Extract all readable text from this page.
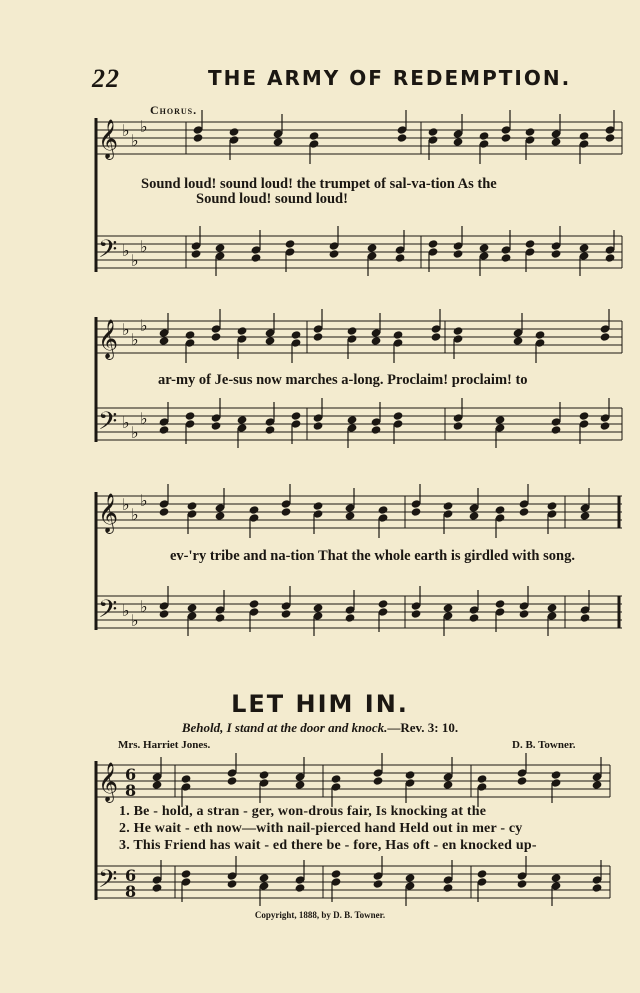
22	THE ARMY OF REDEMPTION.
Chorus.
𝄞
𝄢
𝄞
𝄢
𝄞
𝄢
𝄞
𝄢
♭
♭
♭
♭
♭
♭
♭
♭
♭
♭
♭
♭
♭
♭
♭
♭
♭
♭
6
8
6
8
Sound loud! sound loud! the trumpet of sal-va-tion As the
Sound loud! sound loud!
ar-my of Je-sus now marches a-long. Proclaim! proclaim! to
ev-'ry tribe and na-tion That the whole earth is girdled with song.
LET HIM IN.
Behold, I stand at the door and knock.—Rev. 3: 10.
Mrs. Harriet Jones.	D. B. Towner.
1. Be - hold, a stran - ger, won-drous fair, Is knocking at the
2. He wait - eth now—with nail-pierced hand Held out in mer - cy
3. This Friend has wait - ed there be - fore, Has oft - en knocked up-
Copyright, 1888, by D. B. Towner.
